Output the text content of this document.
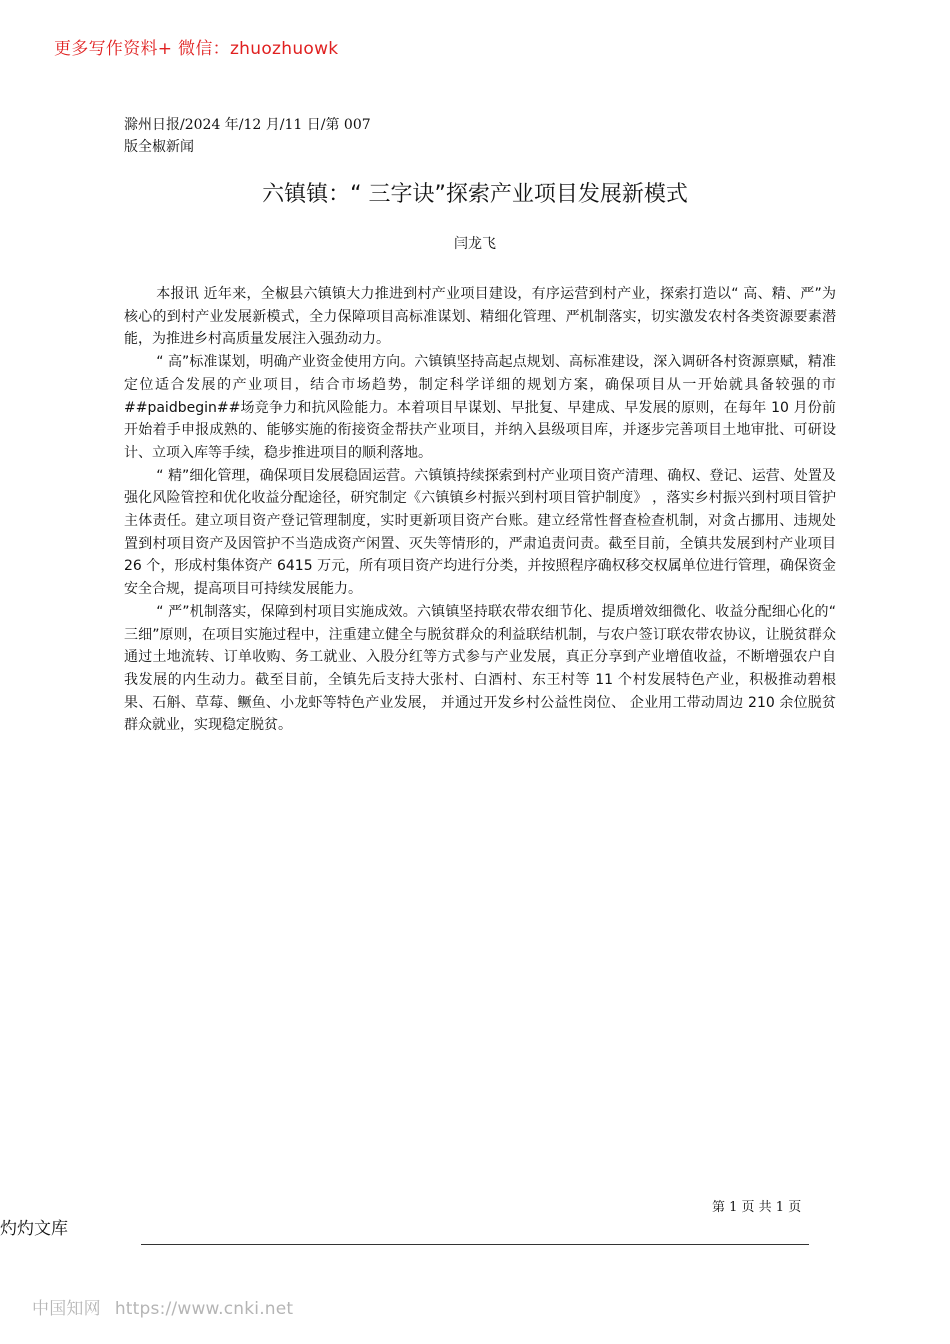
更多写作资料+ 微信：zhuozhuowk
滁州日报/2024 年/12 月/11 日/第 007
版全椒新闻
六镇镇：“ 三字诀”探索产业项目发展新模式
闫龙飞

本报讯 近年来，全椒县六镇镇大力推进到村产业项目建设，有序运营到村产业，探索打造以“ 高、精、严”为核心的到村产业发展新模式，全力保障项目高标准谋划、精细化管理、严机制落实，切实激发农村各类资源要素潜能，为推进乡村高质量发展注入强劲动力。

“ 高”标准谋划，明确产业资金使用方向。六镇镇坚持高起点规划、高标准建设，深入调研各村资源禀赋，精准定位适合发展的产业项目，结合市场趋势，制定科学详细的规划方案，确保项目从一开始就具备较强的市##paidbegin##场竞争力和抗风险能力。本着项目早谋划、早批复、早建成、早发展的原则，在每年 10 月份前开始着手申报成熟的、能够实施的衔接资金帮扶产业项目，并纳入县级项目库，并逐步完善项目土地审批、可研设计、立项入库等手续，稳步推进项目的顺利落地。

“ 精”细化管理，确保项目发展稳固运营。六镇镇持续探索到村产业项目资产清理、确权、登记、运营、处置及强化风险管控和优化收益分配途径，研究制定《六镇镇乡村振兴到村项目管护制度》 ，落实乡村振兴到村项目管护主体责任。建立项目资产登记管理制度，实时更新项目资产台账。建立经常性督查检查机制，对贪占挪用、违规处置到村项目资产及因管护不当造成资产闲置、灭失等情形的，严肃追责问责。截至目前，全镇共发展到村产业项目 26 个，形成村集体资产 6415 万元，所有项目资产均进行分类，并按照程序确权移交权属单位进行管理，确保资金安全合规，提高项目可持续发展能力。

“ 严”机制落实，保障到村项目实施成效。六镇镇坚持联农带农细节化、提质增效细微化、收益分配细心化的“ 三细”原则，在项目实施过程中，注重建立健全与脱贫群众的利益联结机制，与农户签订联农带农协议，让脱贫群众通过土地流转、订单收购、务工就业、入股分红等方式参与产业发展，真正分享到产业增值收益，不断增强农户自我发展的内生动力。截至目前，全镇先后支持大张村、白酒村、东王村等 11 个村发展特色产业，积极推动碧根果、石斛、草莓、鳜鱼、小龙虾等特色产业发展， 并通过开发乡村公益性岗位、 企业用工带动周边 210 余位脱贫群众就业，实现稳定脱贫。

第 1 页 共 1 页
灼灼文库
中国知网 https://www.cnki.net
